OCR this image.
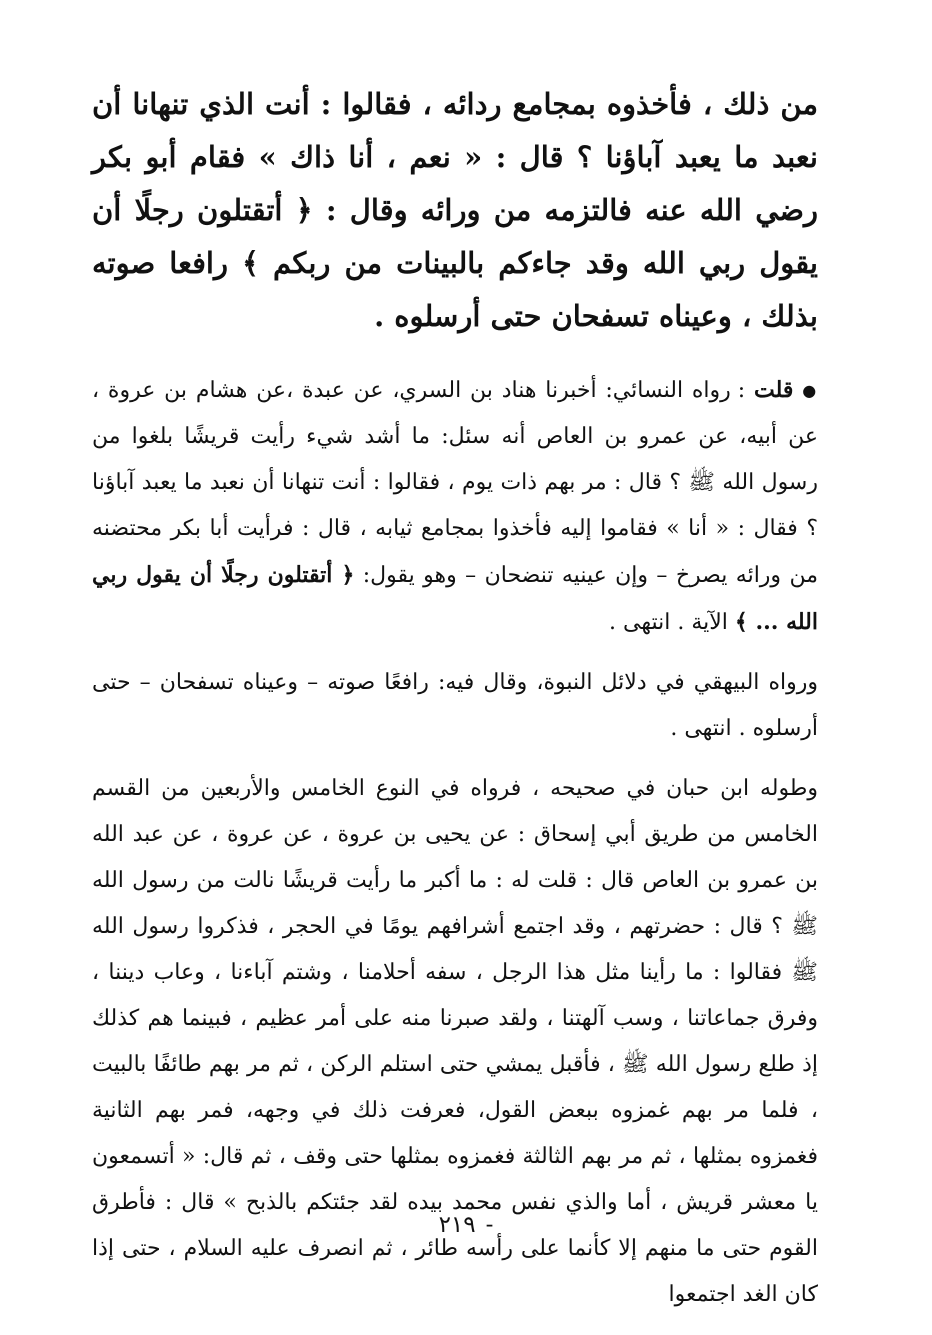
من ذلك ، فأخذوه بمجامع ردائه ، فقالوا : أنت الذي تنهانا أن نعبد ما يعبد آباؤنا ؟ قال : « نعم ، أنا ذاك » فقام أبو بكر رضي الله عنه فالتزمه من ورائه وقال : ﴿ أتقتلون رجلًا أن يقول ربي الله وقد جاءكم بالبينات من ربكم ﴾ رافعا صوته بذلك ، وعيناه تسفحان حتى أرسلوه .

● قلت : رواه النسائي: أخبرنا هناد بن السري، عن عبدة ،عن هشام بن عروة ، عن أبيه، عن عمرو بن العاص أنه سئل: ما أشد شيء رأيت قريشًا بلغوا من رسول الله ﷺ ؟ قال : مر بهم ذات يوم ، فقالوا : أنت تنهانا أن نعبد ما يعبد آباؤنا ؟ فقال : « أنا » فقاموا إليه فأخذوا بمجامع ثيابه ، قال : فرأيت أبا بكر محتضنه من ورائه يصرخ – وإن عينيه تنضحان – وهو يقول: ﴿ أتقتلون رجلًا أن يقول ربي الله ... ﴾ الآية . انتهى .

ورواه البيهقي في دلائل النبوة، وقال فيه: رافعًا صوته – وعيناه تسفحان – حتى أرسلوه . انتهى .

وطوله ابن حبان في صحيحه ، فرواه في النوع الخامس والأربعين من القسم الخامس من طريق أبي إسحاق : عن يحيى بن عروة ، عن عروة ، عن عبد الله بن عمرو بن العاص قال : قلت له : ما أكبر ما رأيت قريشًا نالت من رسول الله ﷺ ؟ قال : حضرتهم ، وقد اجتمع أشرافهم يومًا في الحجر ، فذكروا رسول الله ﷺ فقالوا : ما رأينا مثل هذا الرجل ، سفه أحلامنا ، وشتم آباءنا ، وعاب ديننا ، وفرق جماعاتنا ، وسب آلهتنا ، ولقد صبرنا منه على أمر عظيم ، فبينما هم كذلك إذ طلع رسول الله ﷺ ، فأقبل يمشي حتى استلم الركن ، ثم مر بهم طائفًا بالبيت ، فلما مر بهم غمزوه ببعض القول، فعرفت ذلك في وجهه، فمر بهم الثانية فغمزوه بمثلها ، ثم مر بهم الثالثة فغمزوه بمثلها حتى وقف ، ثم قال: « أتسمعون يا معشر قريش ، أما والذي نفس محمد بيده لقد جئتكم بالذبح » قال : فأطرق القوم حتى ما منهم إلا كأنما على رأسه طائر ، ثم انصرف عليه السلام ، حتى إذا كان الغد اجتمعوا

-٢١٩
